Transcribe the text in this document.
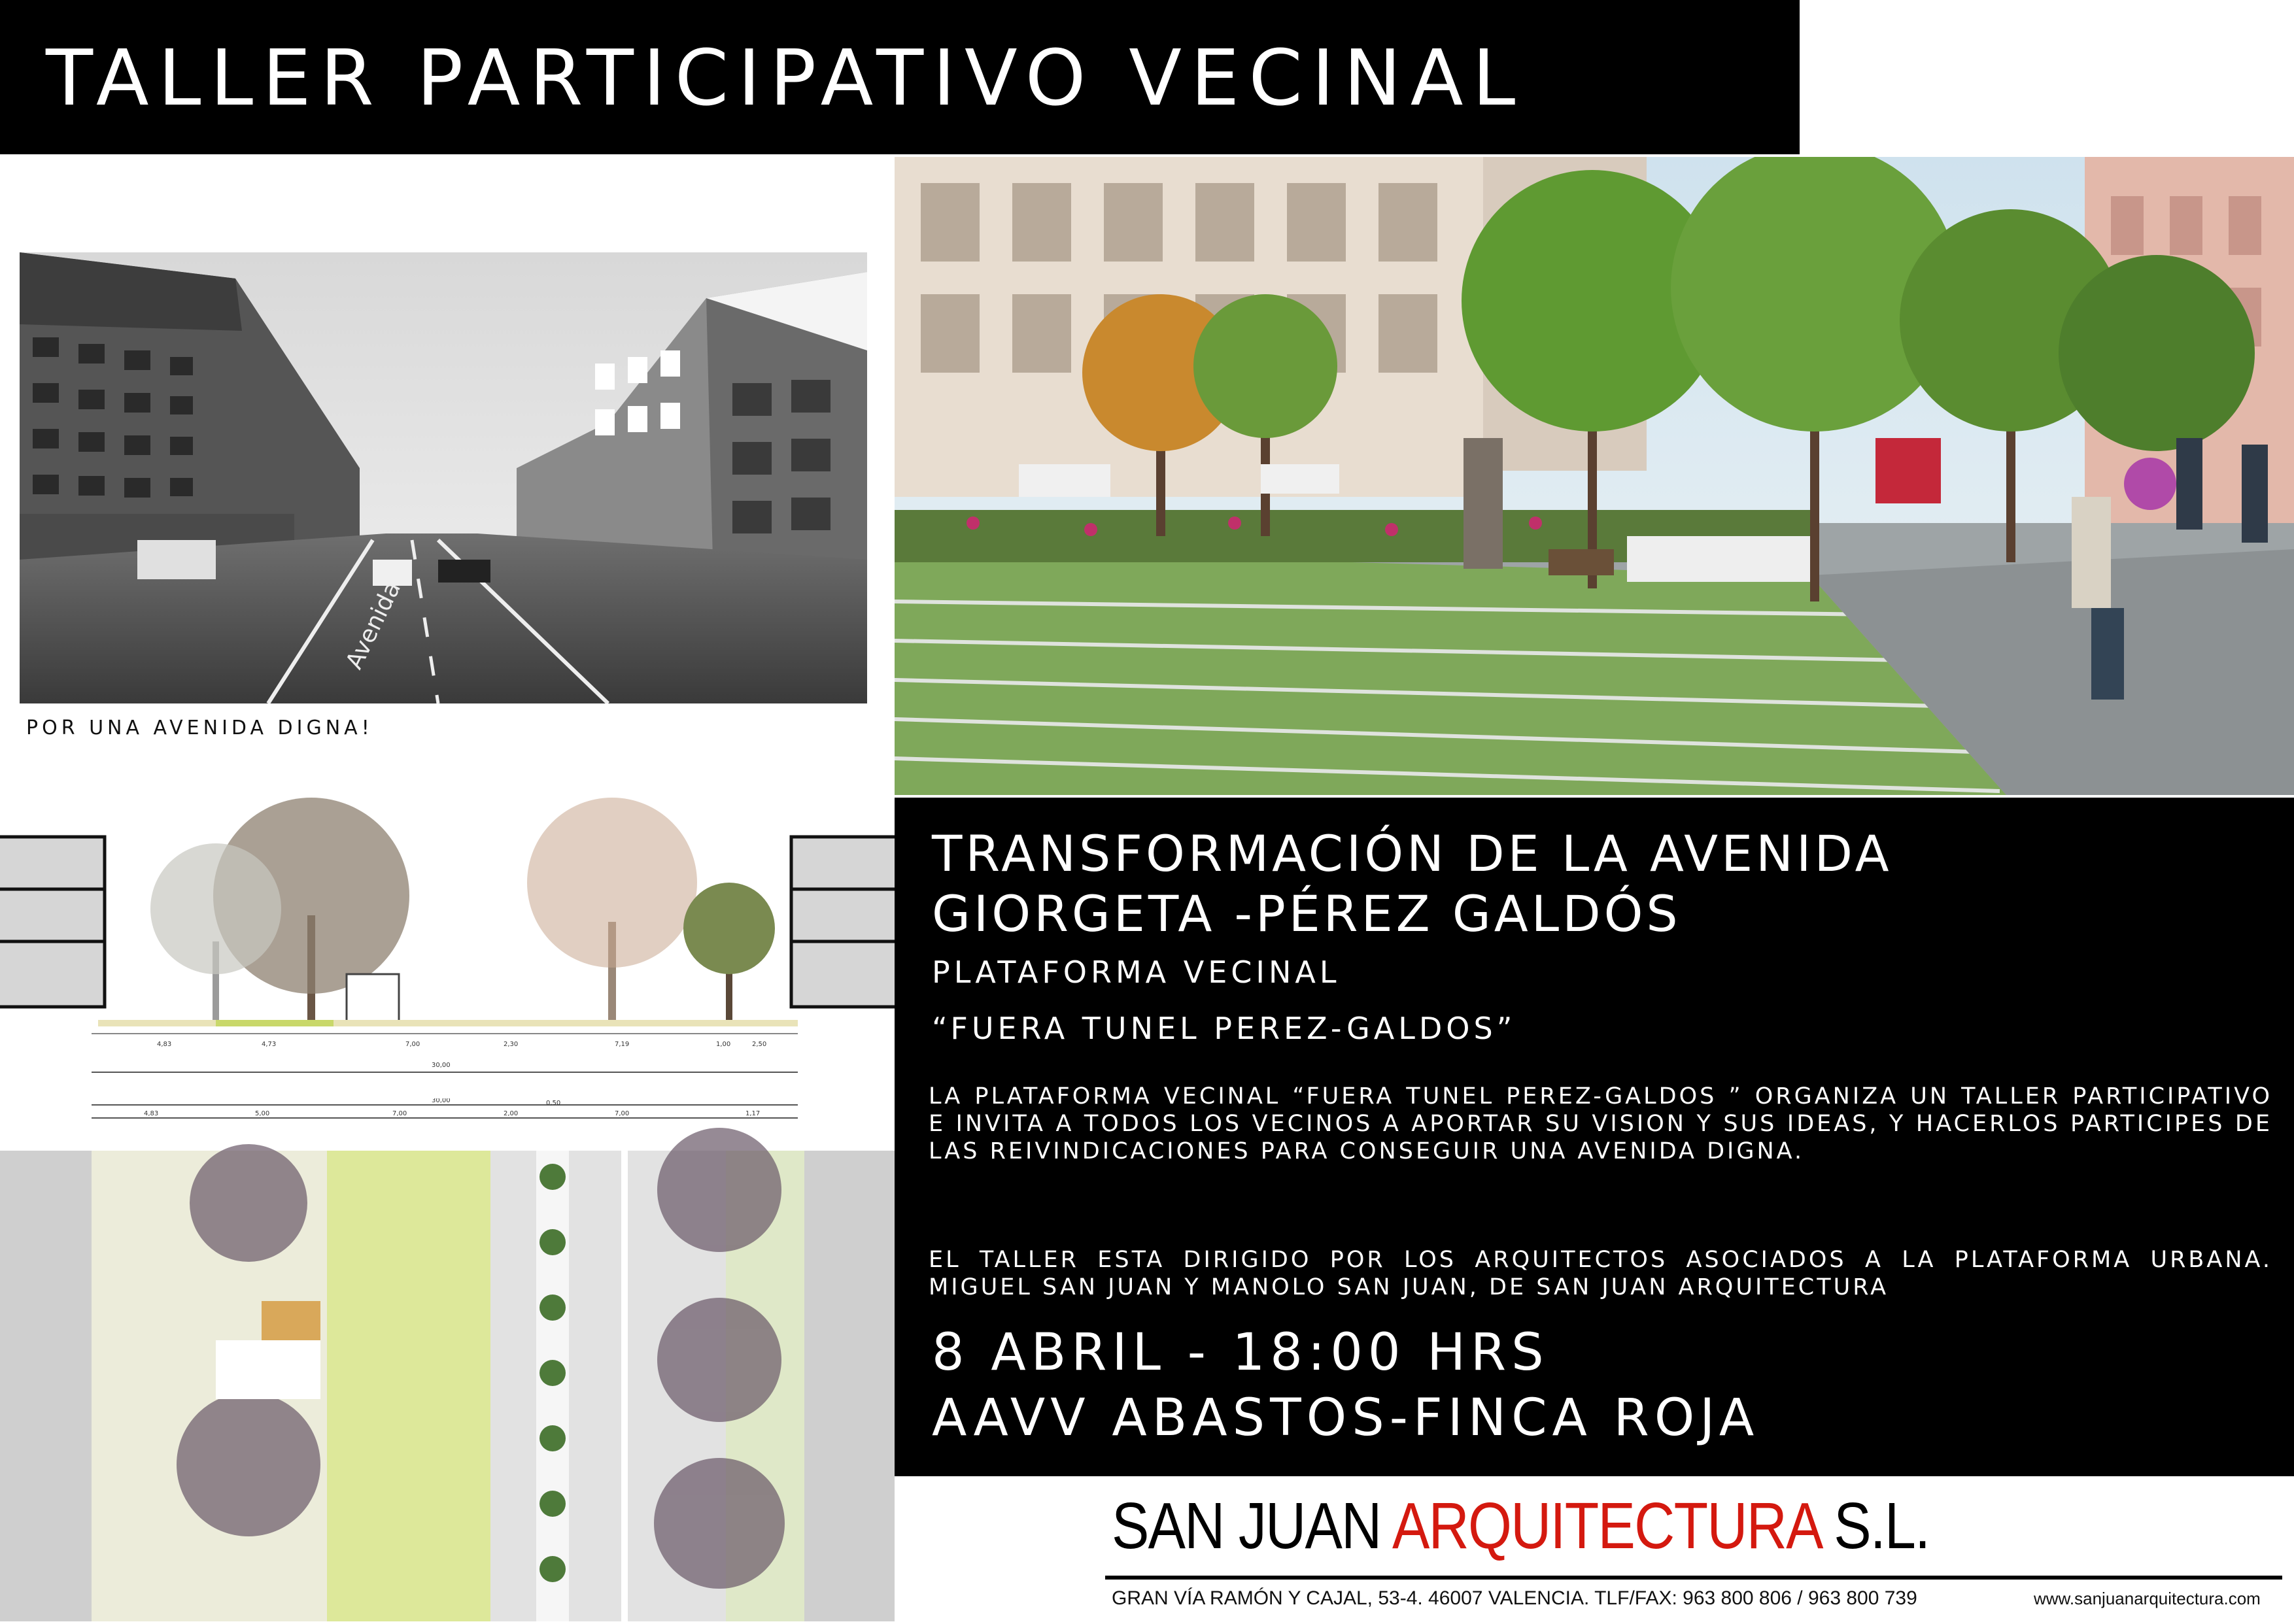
TALLER PARTICIPATIVO VECINAL
Avenida
POR UNA AVENIDA DIGNA!
4,83	4,73	7,00	2,30	7,19	1,00	2,50
30,00
4,83	5,00	7,00	2,00	7,00	1,17
0,50
30,00
TRANSFORMACIÓN DE LA AVENIDA
GIORGETA -PÉREZ GALDÓS
PLATAFORMA VECINAL
“FUERA TUNEL PEREZ-GALDOS”
LA PLATAFORMA VECINAL “FUERA TUNEL PEREZ-GALDOS ” ORGANIZA UN TALLER PARTICIPATIVO E INVITA A TODOS LOS VECINOS A APORTAR SU VISION Y SUS IDEAS, Y HACERLOS PARTICIPES DE LAS REIVINDICACIONES PARA CONSEGUIR UNA AVENIDA DIGNA.
EL TALLER ESTA DIRIGIDO POR LOS ARQUITECTOS ASOCIADOS A LA PLATAFORMA URBANA. MIGUEL SAN JUAN Y MANOLO SAN JUAN, DE SAN JUAN ARQUITECTURA
8 ABRIL - 18:00 HRS
AAVV ABASTOS-FINCA ROJA
SAN JUAN ARQUITECTURA S.L.
GRAN VÍA RAMÓN Y CAJAL, 53-4. 46007 VALENCIA. TLF/FAX: 963 800 806 / 963 800 739	www.sanjuanarquitectura.com
